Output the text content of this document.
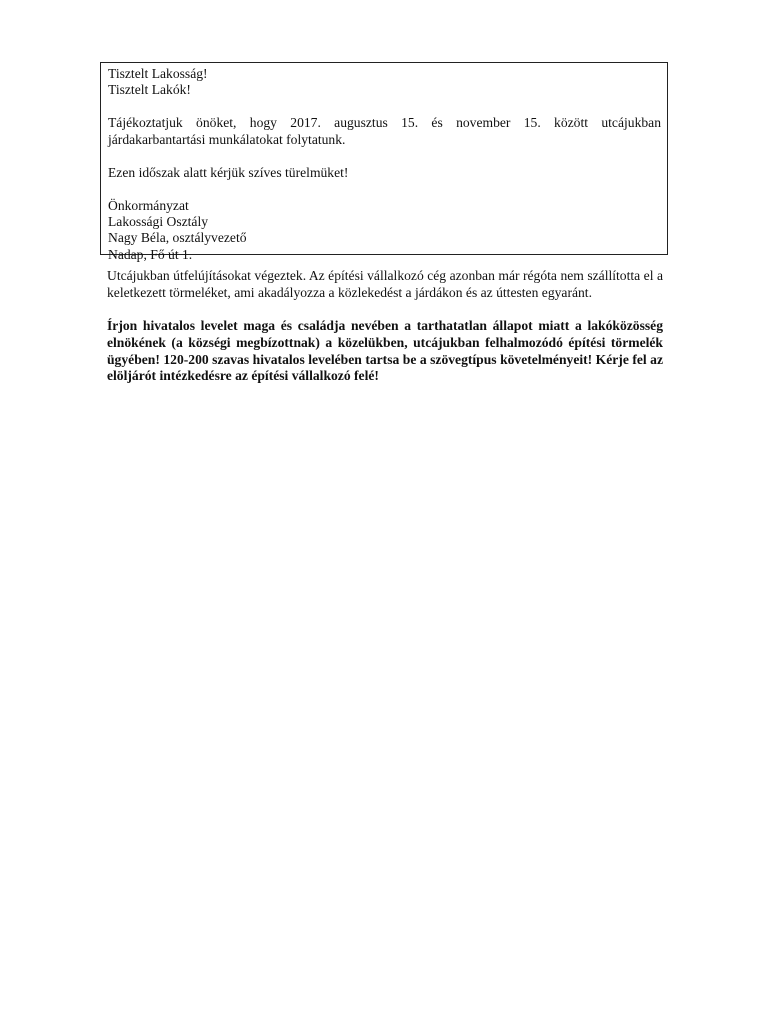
Tisztelt Lakosság!

Tisztelt Lakók!

Tájékoztatjuk önöket, hogy 2017. augusztus 15. és november 15. között utcájukban járdakarbantartási munkálatokat folytatunk.

Ezen időszak alatt kérjük szíves türelmüket!

Önkormányzat

Lakossági Osztály

Nagy Béla, osztályvezető

Nadap, Fő út 1.

Utcájukban útfelújításokat végeztek. Az építési vállalkozó cég azonban már régóta nem szállította el a keletkezett törmeléket, ami akadályozza a közlekedést a járdákon és az úttesten egyaránt.

Írjon hivatalos levelet maga és családja nevében a tarthatatlan állapot miatt a lakóközösség elnökének (a községi megbízottnak) a közelükben, utcájukban felhalmozódó építési törmelék ügyében! 120-200 szavas hivatalos levelében tartsa be a szövegtípus követelményeit! Kérje fel az elöljárót intézkedésre az építési vállalkozó felé!
